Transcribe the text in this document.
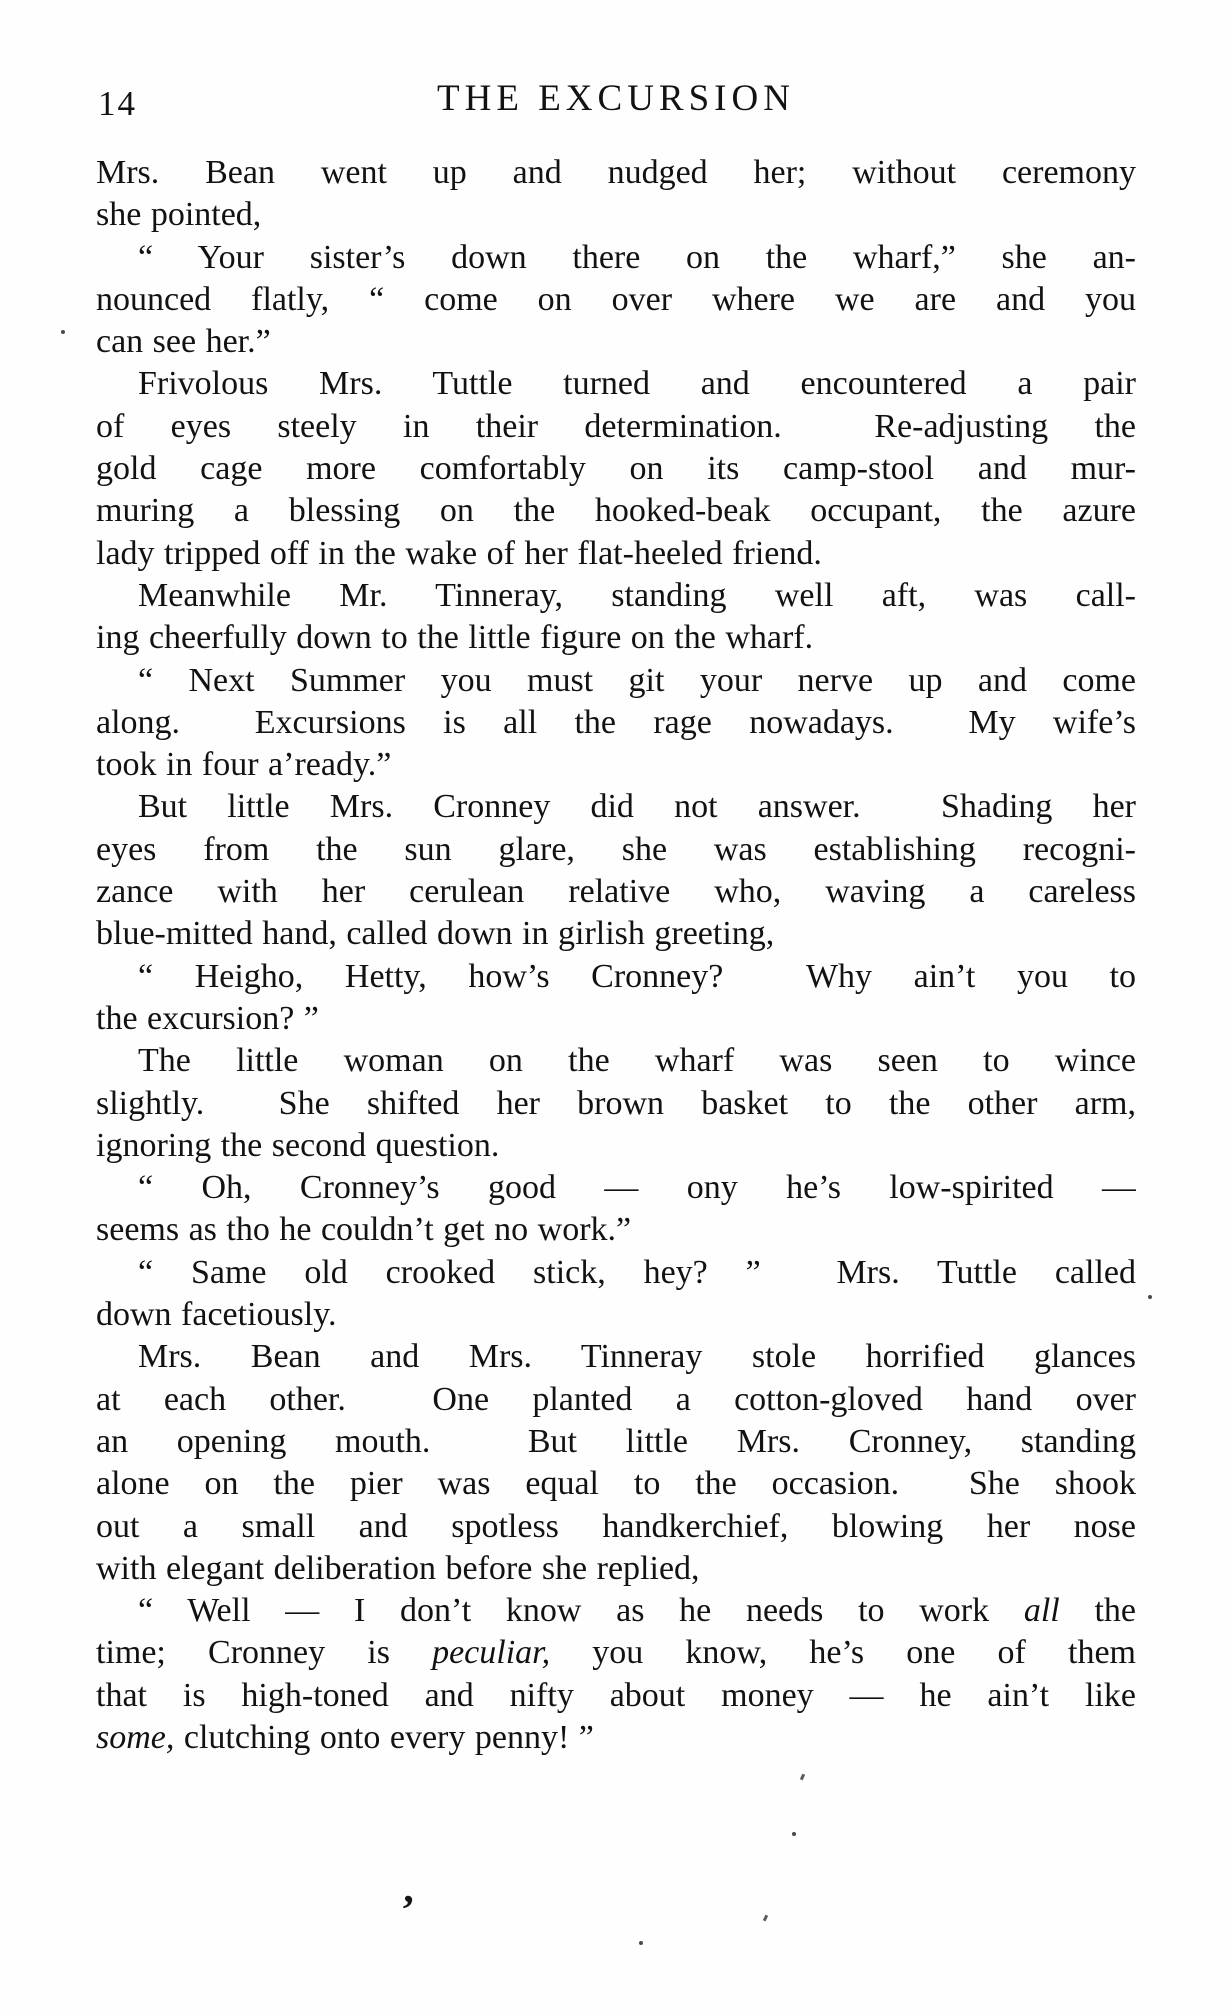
14	THE EXCURSION
Mrs. Bean went up and nudged her; without ceremony
she pointed,
“ Your sister’s down there on the wharf,” she an-
nounced flatly, “ come on over where we are and you
can see her.”
Frivolous Mrs. Tuttle turned and encountered a pair
of eyes steely in their determination.  Re-adjusting the
gold cage more comfortably on its camp-stool and mur-
muring a blessing on the hooked-beak occupant, the azure
lady tripped off in the wake of her flat-heeled friend.
Meanwhile Mr. Tinneray, standing well aft, was call-
ing cheerfully down to the little figure on the wharf.
“ Next Summer you must git your nerve up and come
along.  Excursions is all the rage nowadays.  My wife’s
took in four a’ready.”
But little Mrs. Cronney did not answer.  Shading her
eyes from the sun glare, she was establishing recogni-
zance with her cerulean relative who, waving a careless
blue-mitted hand, called down in girlish greeting,
“ Heigho, Hetty, how’s Cronney?  Why ain’t you to
the excursion? ”
The little woman on the wharf was seen to wince
slightly.  She shifted her brown basket to the other arm,
ignoring the second question.
“ Oh, Cronney’s good — ony he’s low-spirited —
seems as tho he couldn’t get no work.”
“ Same old crooked stick, hey? ”  Mrs. Tuttle called
down facetiously.
Mrs. Bean and Mrs. Tinneray stole horrified glances
at each other.  One planted a cotton-gloved hand over
an opening mouth.  But little Mrs. Cronney, standing
alone on the pier was equal to the occasion.  She shook
out a small and spotless handkerchief, blowing her nose
with elegant deliberation before she replied,
“ Well — I don’t know as he needs to work all the
time; Cronney is peculiar, you know, he’s one of them
that is high-toned and nifty about money — he ain’t like
some, clutching onto every penny! ”
,
